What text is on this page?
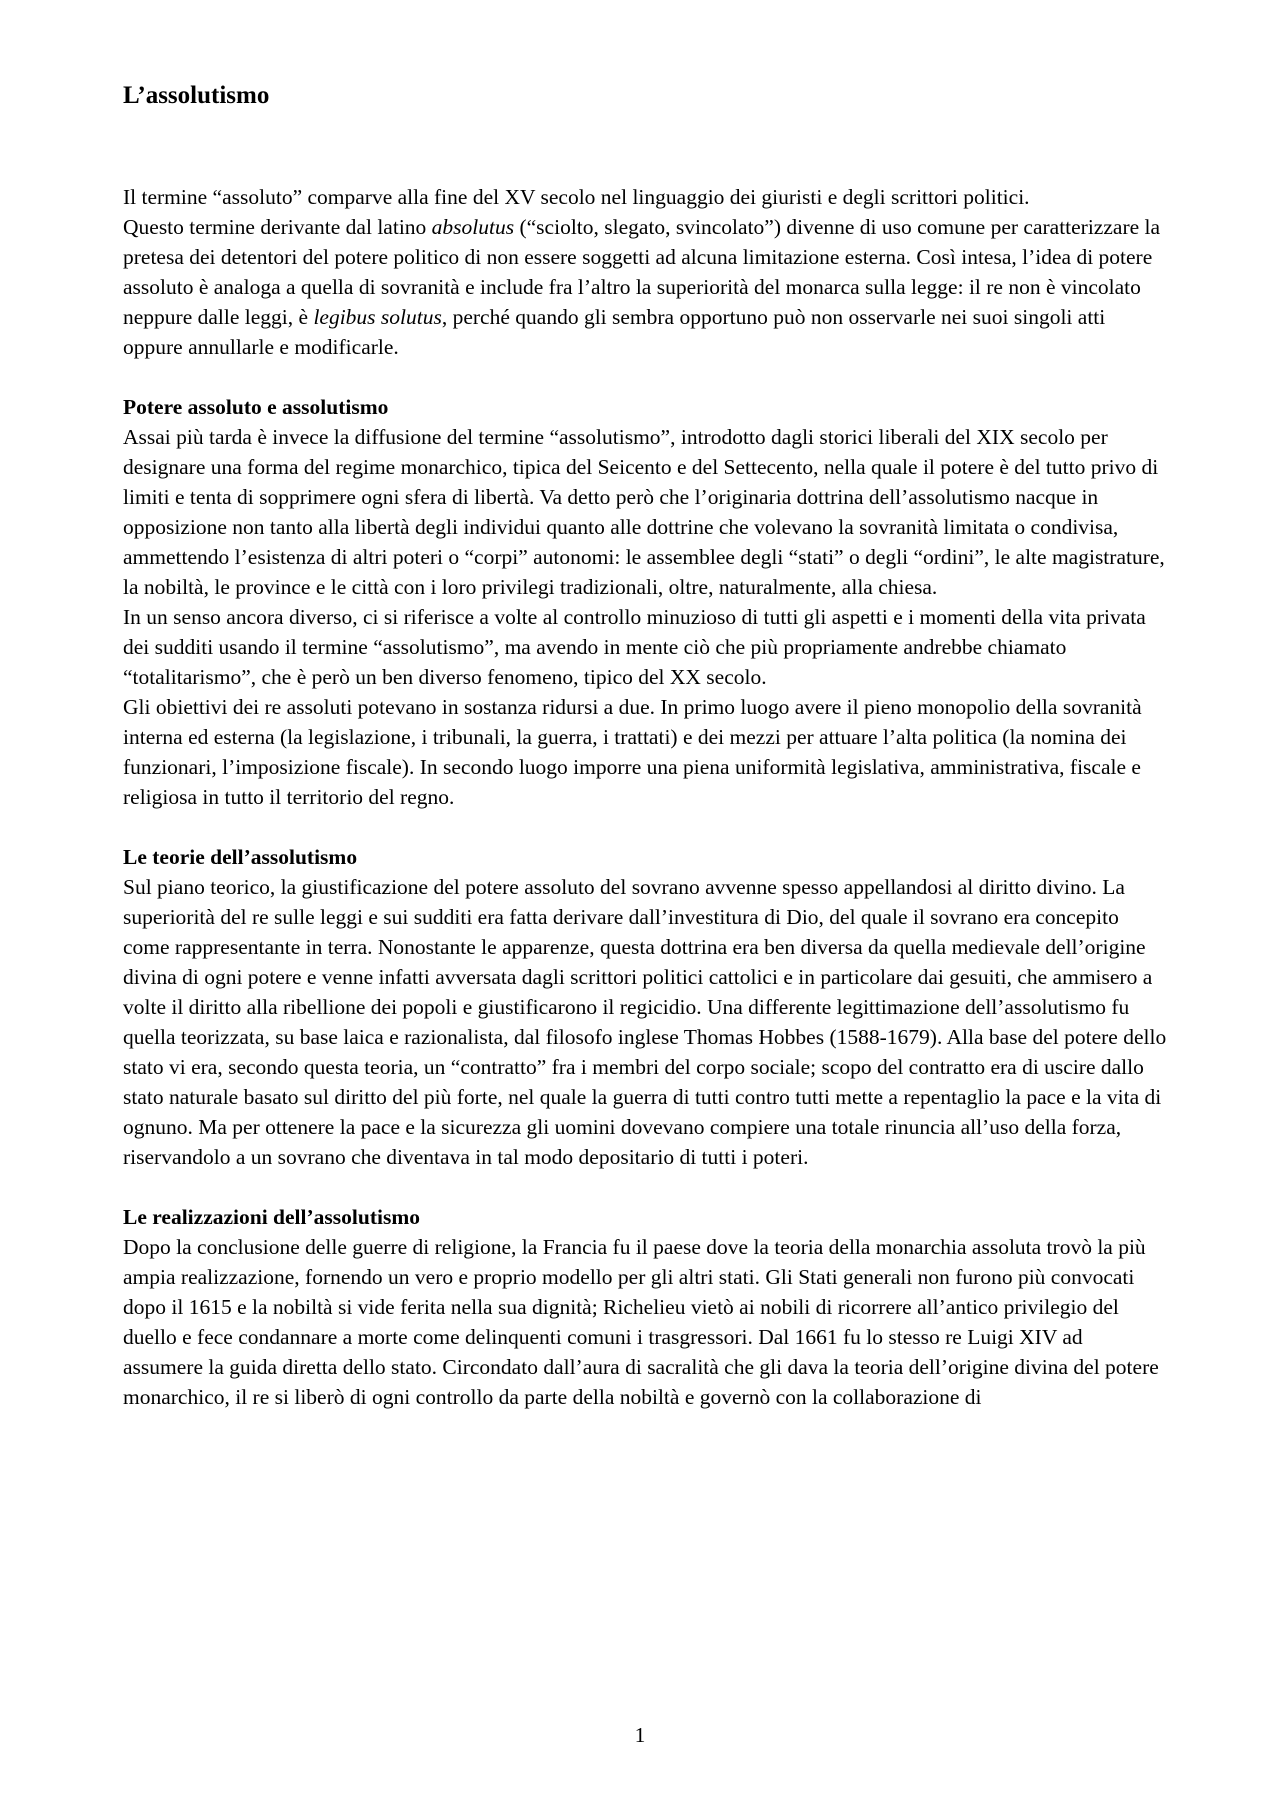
L’assolutismo

Il termine “assoluto” comparve alla fine del XV secolo nel linguaggio dei giuristi e degli scrittori politici.

Questo termine derivante dal latino absolutus (“sciolto, slegato, svincolato”) divenne di uso comune per caratterizzare la pretesa dei detentori del potere politico di non essere soggetti ad alcuna limitazione esterna. Così intesa, l’idea di potere assoluto è analoga a quella di sovranità e include fra l’altro la superiorità del monarca sulla legge: il re non è vincolato neppure dalle leggi, è legibus solutus, perché quando gli sembra opportuno può non osservarle nei suoi singoli atti oppure annullarle e modificarle.

Potere assoluto e assolutismo

Assai più tarda è invece la diffusione del termine “assolutismo”, introdotto dagli storici liberali del XIX secolo per designare una forma del regime monarchico, tipica del Seicento e del Settecento, nella quale il potere è del tutto privo di limiti e tenta di sopprimere ogni sfera di libertà. Va detto però che l’originaria dottrina dell’assolutismo nacque in opposizione non tanto alla libertà degli individui quanto alle dottrine che volevano la sovranità limitata o condivisa, ammettendo l’esistenza di altri poteri o “corpi” autonomi: le assemblee degli “stati” o degli “ordini”, le alte magistrature, la nobiltà, le province e le città con i loro privilegi tradizionali, oltre, naturalmente, alla chiesa.

In un senso ancora diverso, ci si riferisce a volte al controllo minuzioso di tutti gli aspetti e i momenti della vita privata dei sudditi usando il termine “assolutismo”, ma avendo in mente ciò che più propriamente andrebbe chiamato “totalitarismo”, che è però un ben diverso fenomeno, tipico del XX secolo.

Gli obiettivi dei re assoluti potevano in sostanza ridursi a due. In primo luogo avere il pieno monopolio della sovranità interna ed esterna (la legislazione, i tribunali, la guerra, i trattati) e dei mezzi per attuare l’alta politica (la nomina dei funzionari, l’imposizione fiscale). In secondo luogo imporre una piena uniformità legislativa, amministrativa, fiscale e religiosa in tutto il territorio del regno.

Le teorie dell’assolutismo

Sul piano teorico, la giustificazione del potere assoluto del sovrano avvenne spesso appellandosi al diritto divino. La superiorità del re sulle leggi e sui sudditi era fatta derivare dall’investitura di Dio, del quale il sovrano era concepito come rappresentante in terra. Nonostante le apparenze, questa dottrina era ben diversa da quella medievale dell’origine divina di ogni potere e venne infatti avversata dagli scrittori politici cattolici e in particolare dai gesuiti, che ammisero a volte il diritto alla ribellione dei popoli e giustificarono il regicidio. Una differente legittimazione dell’assolutismo fu quella teorizzata, su base laica e razionalista, dal filosofo inglese Thomas Hobbes (1588-1679). Alla base del potere dello stato vi era, secondo questa teoria, un “contratto” fra i membri del corpo sociale; scopo del contratto era di uscire dallo stato naturale basato sul diritto del più forte, nel quale la guerra di tutti contro tutti mette a repentaglio la pace e la vita di ognuno. Ma per ottenere la pace e la sicurezza gli uomini dovevano compiere una totale rinuncia all’uso della forza, riservandolo a un sovrano che diventava in tal modo depositario di tutti i poteri.

Le realizzazioni dell’assolutismo

Dopo la conclusione delle guerre di religione, la Francia fu il paese dove la teoria della monarchia assoluta trovò la più ampia realizzazione, fornendo un vero e proprio modello per gli altri stati. Gli Stati generali non furono più convocati dopo il 1615 e la nobiltà si vide ferita nella sua dignità; Richelieu vietò ai nobili di ricorrere all’antico privilegio del duello e fece condannare a morte come delinquenti comuni i trasgressori. Dal 1661 fu lo stesso re Luigi XIV ad assumere la guida diretta dello stato. Circondato dall’aura di sacralità che gli dava la teoria dell’origine divina del potere monarchico, il re si liberò di ogni controllo da parte della nobiltà e governò con la collaborazione di

1
